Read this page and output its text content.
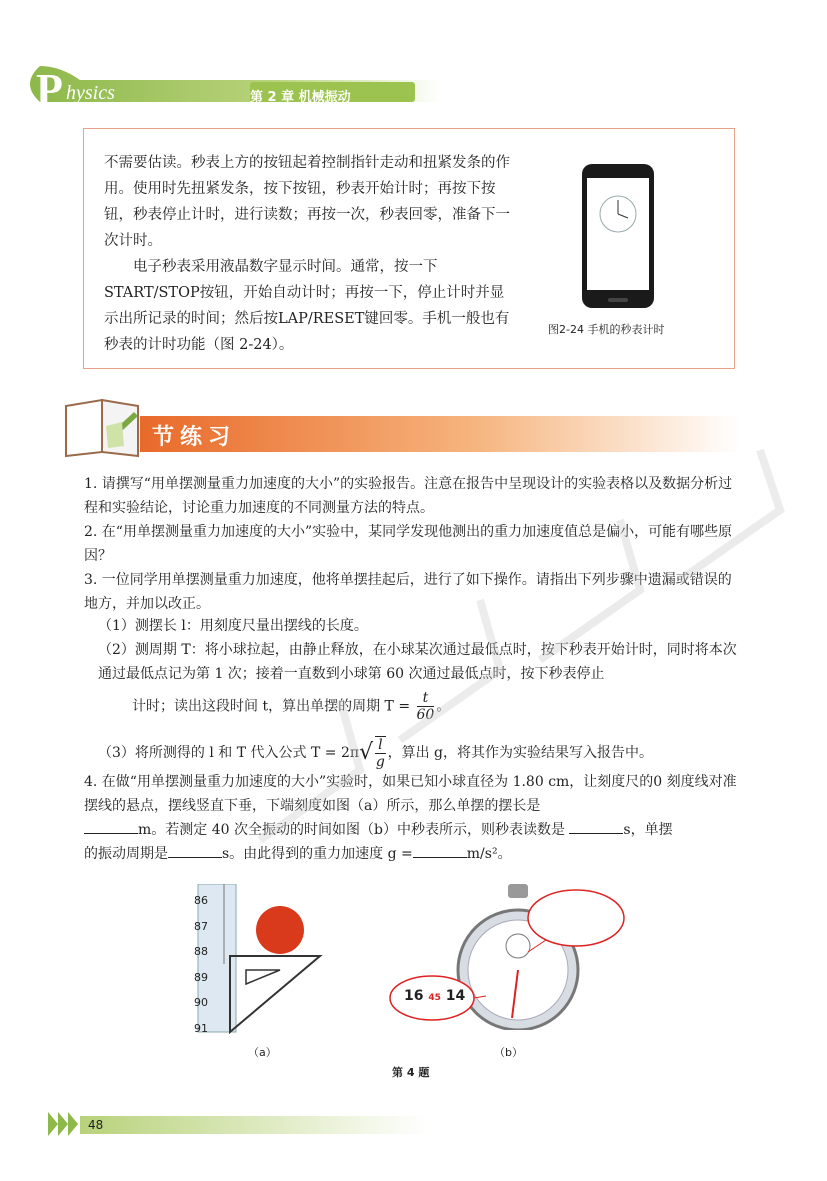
P hysics	第 2 章 机械振动

不需要估读。秒表上方的按钮起着控制指针走动和扭紧发条的作用。使用时先扭紧发条，按下按钮，秒表开始计时；再按下按钮，秒表停止计时，进行读数；再按一次，秒表回零，准备下一次计时。

电子秒表采用液晶数字显示时间。通常，按一下START/STOP按钮，开始自动计时；再按一下，停止计时并显示出所记录的时间；然后按LAP/RESET键回零。手机一般也有秒表的计时功能（图 2-24）。

图2-24 手机的秒表计时
节练习
1. 请撰写“用单摆测量重力加速度的大小”的实验报告。注意在报告中呈现设计的实验表格以及数据分析过程和实验结论，讨论重力加速度的不同测量方法的特点。
2. 在“用单摆测量重力加速度的大小”实验中，某同学发现他测出的重力加速度值总是偏小，可能有哪些原因？
3. 一位同学用单摆测量重力加速度，他将单摆挂起后，进行了如下操作。请指出下列步骤中遗漏或错误的地方，并加以改正。
（1）测摆长 l：用刻度尺量出摆线的长度。
（2）测周期 T：将小球拉起，由静止释放，在小球某次通过最低点时，按下秒表开始计时，同时将本次通过最低点记为第 1 次；接着一直数到小球第 60 次通过最低点时，按下秒表停止
计时；读出这段时间 t，算出单摆的周期 $T = \frac{t}{60}$ 。
（3）将所测得的 l 和 T 代入公式 $T = 2\pi√ \frac{l}{g}$ ，算出 g，将其作为实验结果写入报告中。
4. 在做“用单摆测量重力加速度的大小”实验时，如果已知小球直径为 1.80 cm，让刻度尺的0 刻度线对准摆线的悬点，摆线竖直下垂，下端刻度如图（a）所示，那么单摆的摆长是
m。若测定 40 次全振动的时间如图（b）中秒表所示，则秒表读数是	s，单摆
的振动周期是	s。由此得到的重力加速度 g =	m/s²。
86
87
88
89
90
91
（a）
16 45 14
（b）
第 4 题
48
